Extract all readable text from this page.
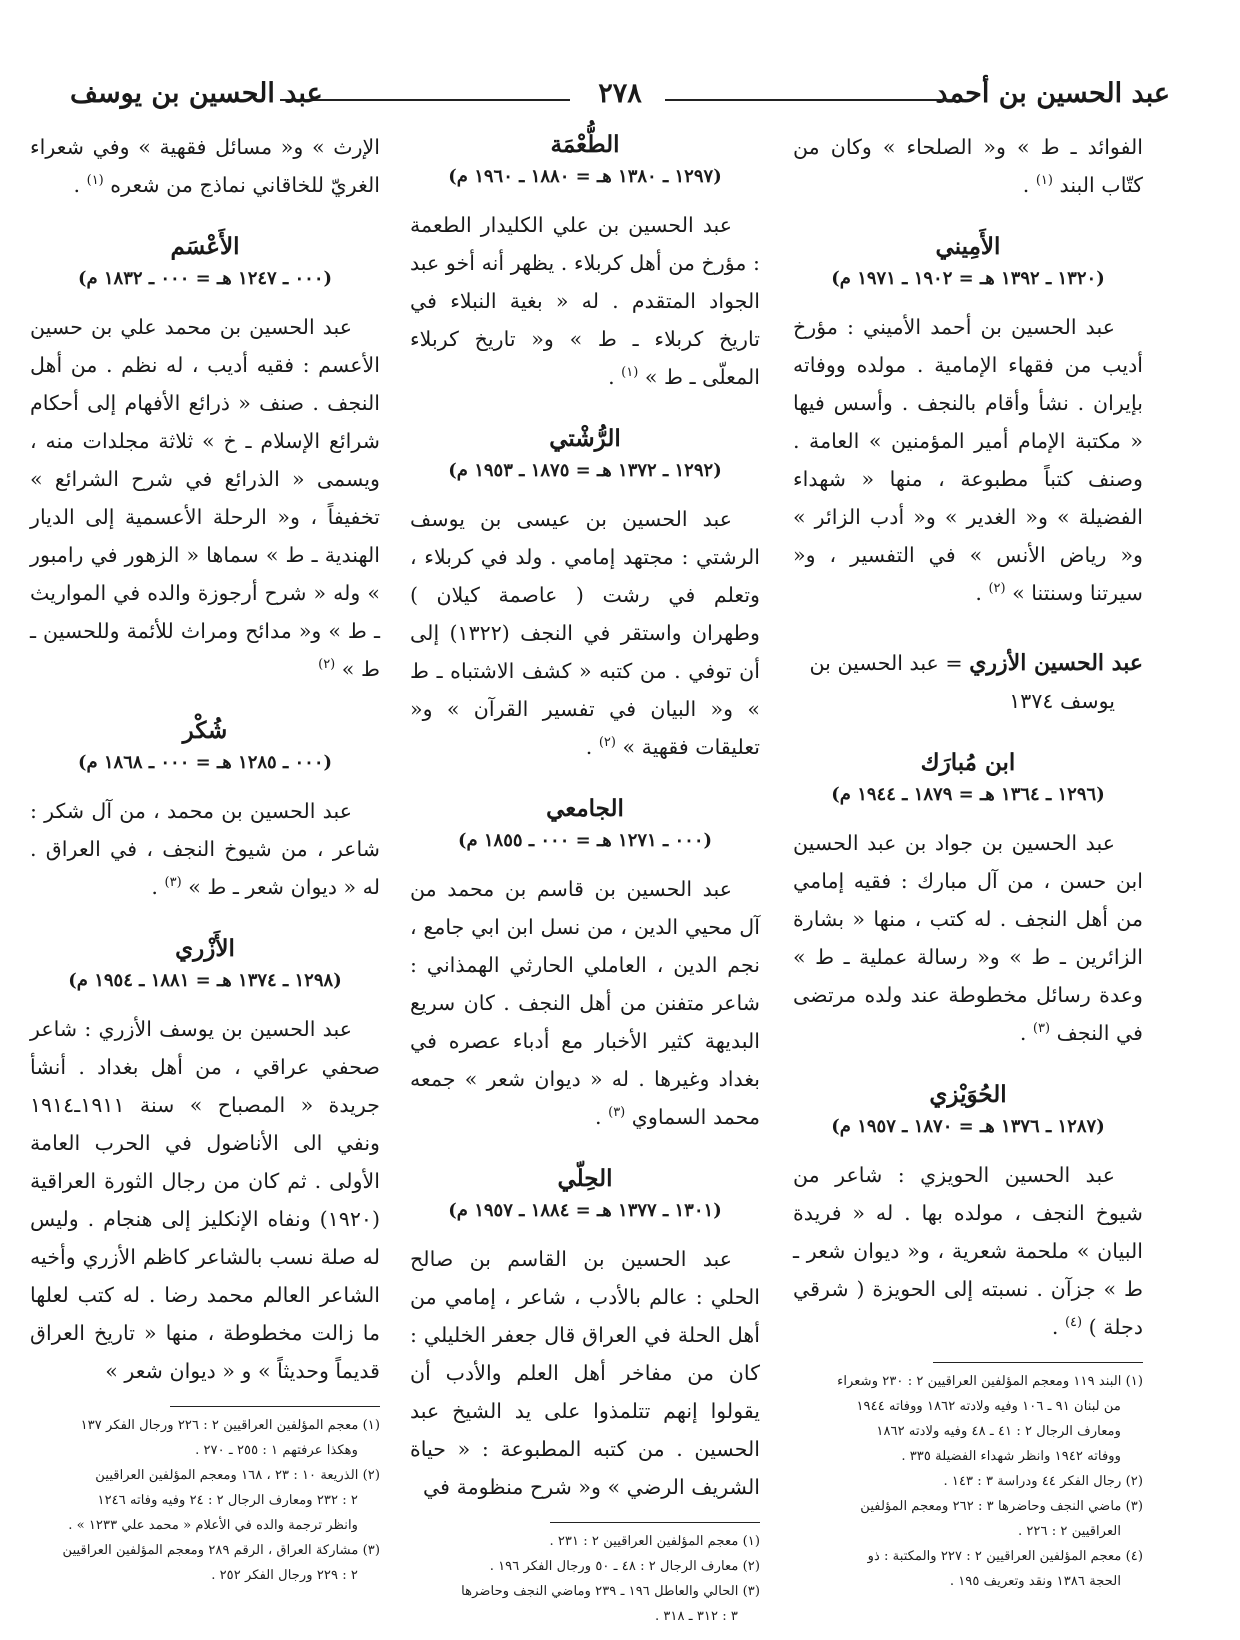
عبد الحسين بن أحمد
٢٧٨
عبد الحسين بن يوسف

الفوائد ـ ط » و« الصلحاء » وكان من كتّاب البند $^{(١)}$ .

الأَمِيني
(١٣٢٠ ـ ١٣٩٢ هـ = ١٩٠٢ ـ ١٩٧١ م)

عبد الحسين بن أحمد الأميني : مؤرخ أديب من فقهاء الإمامية . مولده ووفاته بإيران . نشأ وأقام بالنجف . وأسس فيها « مكتبة الإمام أمير المؤمنين » العامة . وصنف كتباً مطبوعة ، منها « شهداء الفضيلة » و« الغدير » و« أدب الزائر » و« رياض الأنس » في التفسير ، و« سيرتنا وسنتنا » $^{(٢)}$ .

عبد الحسين الأزري = عبد الحسين بن
يوسف ١٣٧٤
ابن مُبارَك
(١٢٩٦ ـ ١٣٦٤ هـ = ١٨٧٩ ـ ١٩٤٤ م)

عبد الحسين بن جواد بن عبد الحسين ابن حسن ، من آل مبارك : فقيه إمامي من أهل النجف . له كتب ، منها « بشارة الزائرين ـ ط » و« رسالة عملية ـ ط » وعدة رسائل مخطوطة عند ولده مرتضى في النجف $^{(٣)}$ .

الحُوَيْزي
(١٢٨٧ ـ ١٣٧٦ هـ = ١٨٧٠ ـ ١٩٥٧ م)

عبد الحسين الحويزي : شاعر من شيوخ النجف ، مولده بها . له « فريدة البيان » ملحمة شعرية ، و« ديوان شعر ـ ط » جزآن . نسبته إلى الحويزة ( شرقي دجلة ) $^{(٤)}$ .

(١) البند ١١٩ ومعجم المؤلفين العراقيين ٢ : ٢٣٠ وشعراء
من لبنان ٩١ ـ ١٠٦ وفيه ولادته ١٨٦٢ ووفاته ١٩٤٤
ومعارف الرجال ٢ : ٤١ ـ ٤٨ وفيه ولادته ١٨٦٢
ووفاته ١٩٤٢ وانظر شهداء الفضيلة ٣٣٥ .
(٢) رجال الفكر ٤٤ ودراسة ٣ : ١٤٣ .
(٣) ماضي النجف وحاضرها ٣ : ٢٦٢ ومعجم المؤلفين
العراقيين ٢ : ٢٢٦ .
(٤) معجم المؤلفين العراقيين ٢ : ٢٢٧ والمكتبة : ذو
الحجة ١٣٨٦ ونقد وتعريف ١٩٥ .
الطُّعْمَة
(١٢٩٧ ـ ١٣٨٠ هـ = ١٨٨٠ ـ ١٩٦٠ م)

عبد الحسين بن علي الكليدار الطعمة : مؤرخ من أهل كربلاء . يظهر أنه أخو عبد الجواد المتقدم . له « بغية النبلاء في تاريخ كربلاء ـ ط » و« تاريخ كربلاء المعلّى ـ ط » $^{(١)}$ .

الرُّشْتي
(١٢٩٢ ـ ١٣٧٢ هـ = ١٨٧٥ ـ ١٩٥٣ م)

عبد الحسين بن عيسى بن يوسف الرشتي : مجتهد إمامي . ولد في كربلاء ، وتعلم في رشت ( عاصمة كيلان ) وطهران واستقر في النجف (١٣٢٢) إلى أن توفي . من كتبه « كشف الاشتباه ـ ط » و« البيان في تفسير القرآن » و« تعليقات فقهية » $^{(٢)}$ .

الجامعي
(٠٠٠ ـ ١٢٧١ هـ = ٠٠٠ ـ ١٨٥٥ م)

عبد الحسين بن قاسم بن محمد من آل محيي الدين ، من نسل ابن ابي جامع ، نجم الدين ، العاملي الحارثي الهمذاني : شاعر متفنن من أهل النجف . كان سريع البديهة كثير الأخبار مع أدباء عصره في بغداد وغيرها . له « ديوان شعر » جمعه محمد السماوي $^{(٣)}$ .

الحِلّي
(١٣٠١ ـ ١٣٧٧ هـ = ١٨٨٤ ـ ١٩٥٧ م)

عبد الحسين بن القاسم بن صالح الحلي : عالم بالأدب ، شاعر ، إمامي من أهل الحلة في العراق قال جعفر الخليلي : كان من مفاخر أهل العلم والأدب أن يقولوا إنهم تتلمذوا على يد الشيخ عبد الحسين . من كتبه المطبوعة : « حياة الشريف الرضي » و« شرح منظومة في

(١) معجم المؤلفين العراقيين ٢ : ٢٣١ .
(٢) معارف الرجال ٢ : ٤٨ ـ ٥٠ ورجال الفكر ١٩٦ .
(٣) الحالي والعاطل ١٩٦ ـ ٢٣٩ وماضي النجف وحاضرها
٣ : ٣١٢ ـ ٣١٨ .

الإرث » و« مسائل فقهية » وفي شعراء الغريّ للخاقاني نماذج من شعره $^{(١)}$ .

الأَعْسَم
(٠٠٠ ـ ١٢٤٧ هـ = ٠٠٠ ـ ١٨٣٢ م)

عبد الحسين بن محمد علي بن حسين الأعسم : فقيه أديب ، له نظم . من أهل النجف . صنف « ذرائع الأفهام إلى أحكام شرائع الإسلام ـ خ » ثلاثة مجلدات منه ، ويسمى « الذرائع في شرح الشرائع » تخفيفاً ، و« الرحلة الأعسمية إلى الديار الهندية ـ ط » سماها « الزهور في رامبور » وله « شرح أرجوزة والده في المواريث ـ ط » و« مدائح ومراث للأئمة وللحسين ـ ط » $^{(٢)}$

شُكْر
(٠٠٠ ـ ١٢٨٥ هـ = ٠٠٠ ـ ١٨٦٨ م)

عبد الحسين بن محمد ، من آل شكر : شاعر ، من شيوخ النجف ، في العراق . له « ديوان شعر ـ ط » $^{(٣)}$ .

الأَزْري
(١٢٩٨ ـ ١٣٧٤ هـ = ١٨٨١ ـ ١٩٥٤ م)

عبد الحسين بن يوسف الأزري : شاعر صحفي عراقي ، من أهل بغداد . أنشأ جريدة « المصباح » سنة ١٩١١ـ١٩١٤ ونفي الى الأناضول في الحرب العامة الأولى . ثم كان من رجال الثورة العراقية (١٩٢٠) ونفاه الإنكليز إلى هنجام . وليس له صلة نسب بالشاعر كاظم الأزري وأخيه الشاعر العالم محمد رضا . له كتب لعلها ما زالت مخطوطة ، منها « تاريخ العراق قديماً وحديثاً » و « ديوان شعر »

(١) معجم المؤلفين العراقيين ٢ : ٢٢٦ ورجال الفكر ١٣٧
وهكذا عرفتهم ١ : ٢٥٥ ـ ٢٧٠ .
(٢) الذريعة ١٠ : ٢٣ ، ١٦٨ ومعجم المؤلفين العراقيين
٢ : ٢٣٢ ومعارف الرجال ٢ : ٢٤ وفيه وفاته ١٢٤٦
وانظر ترجمة والده في الأعلام « محمد علي ١٢٣٣ » .
(٣) مشاركة العراق ، الرقم ٢٨٩ ومعجم المؤلفين العراقيين
٢ : ٢٢٩ ورجال الفكر ٢٥٢ .
